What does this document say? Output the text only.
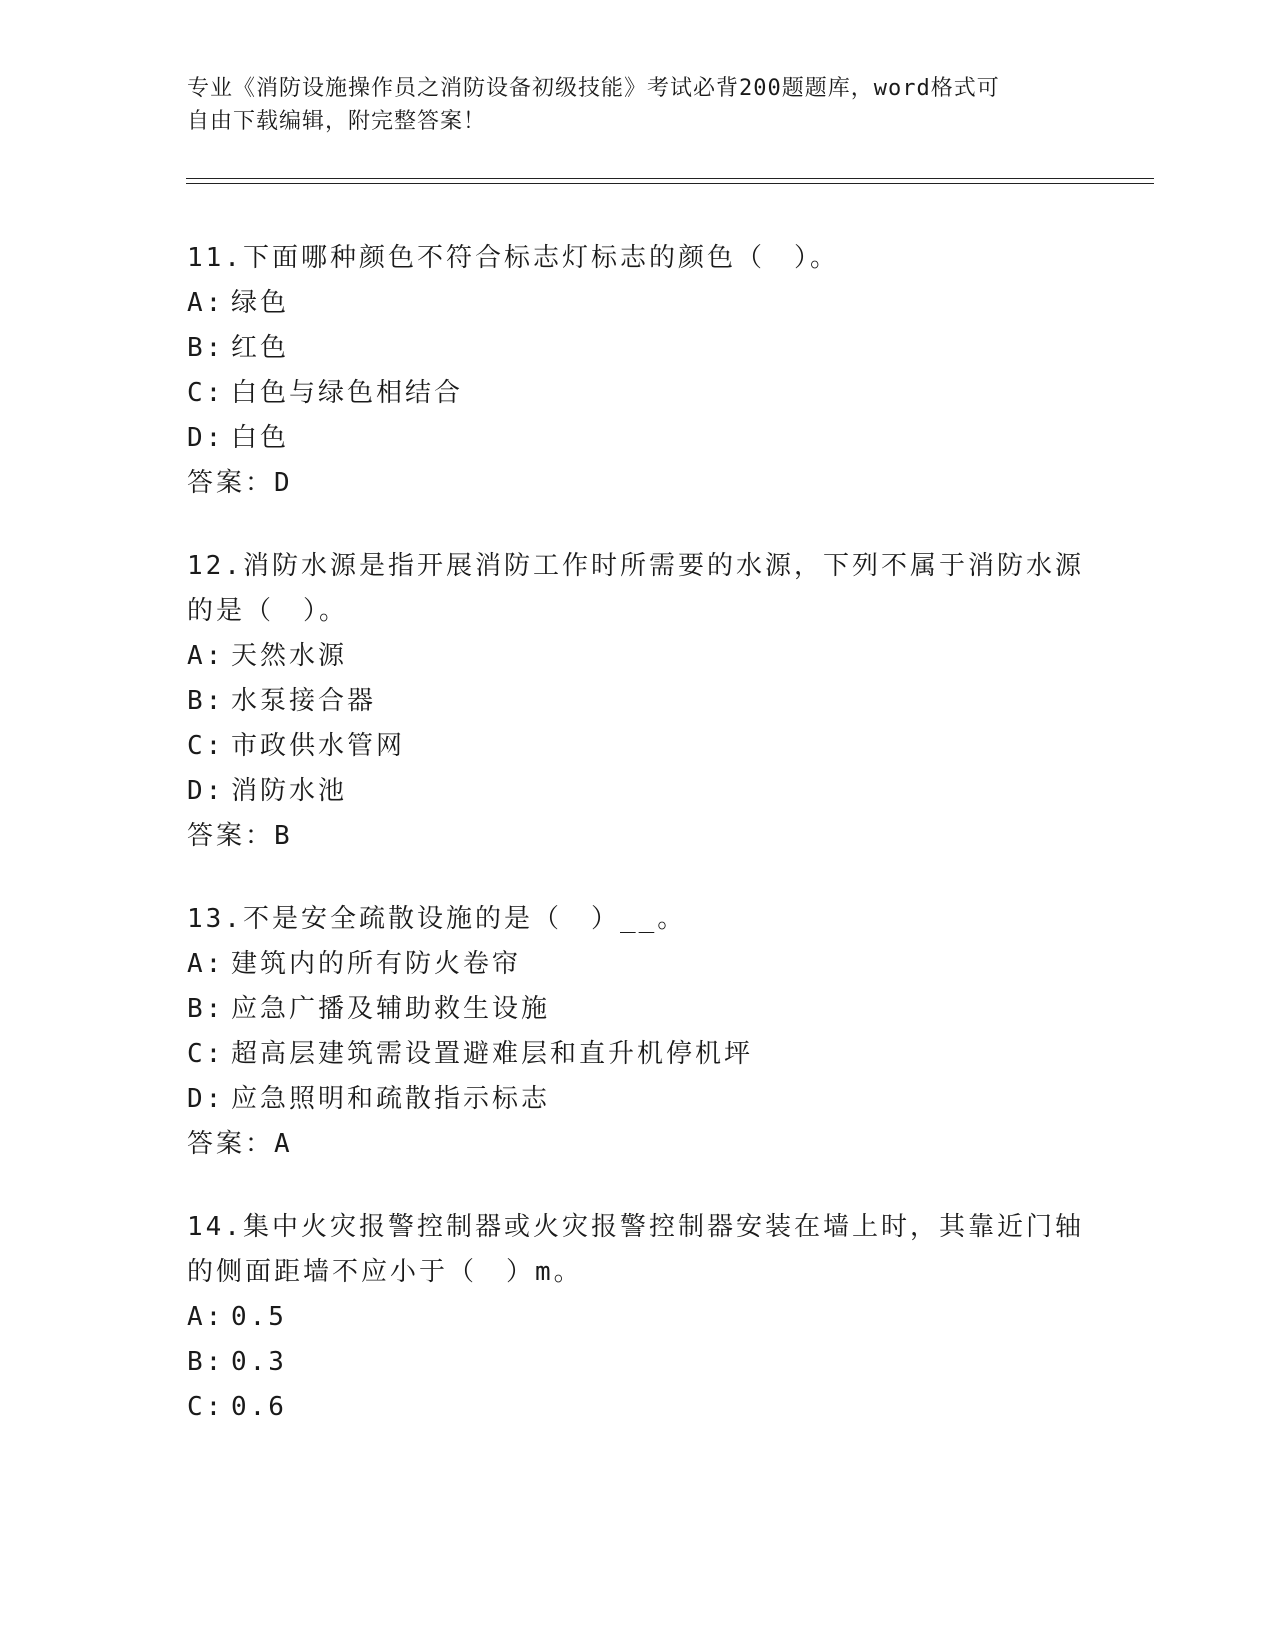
专业《消防设施操作员之消防设备初级技能》考试必背200题题库，word格式可
自由下载编辑，附完整答案！
11.下面哪种颜色不符合标志灯标志的颜色（　）。
A: 绿色
B: 红色
C: 白色与绿色相结合
D: 白色
答案：D
12.消防水源是指开展消防工作时所需要的水源，下列不属于消防水源的是（　）。
A: 天然水源
B: 水泵接合器
C: 市政供水管网
D: 消防水池
答案：B
13.不是安全疏散设施的是（　）__。
A: 建筑内的所有防火卷帘
B: 应急广播及辅助救生设施
C: 超高层建筑需设置避难层和直升机停机坪
D: 应急照明和疏散指示标志
答案：A
14.集中火灾报警控制器或火灾报警控制器安装在墙上时，其靠近门轴的侧面距墙不应小于（　）m。
A: 0.5
B: 0.3
C: 0.6
